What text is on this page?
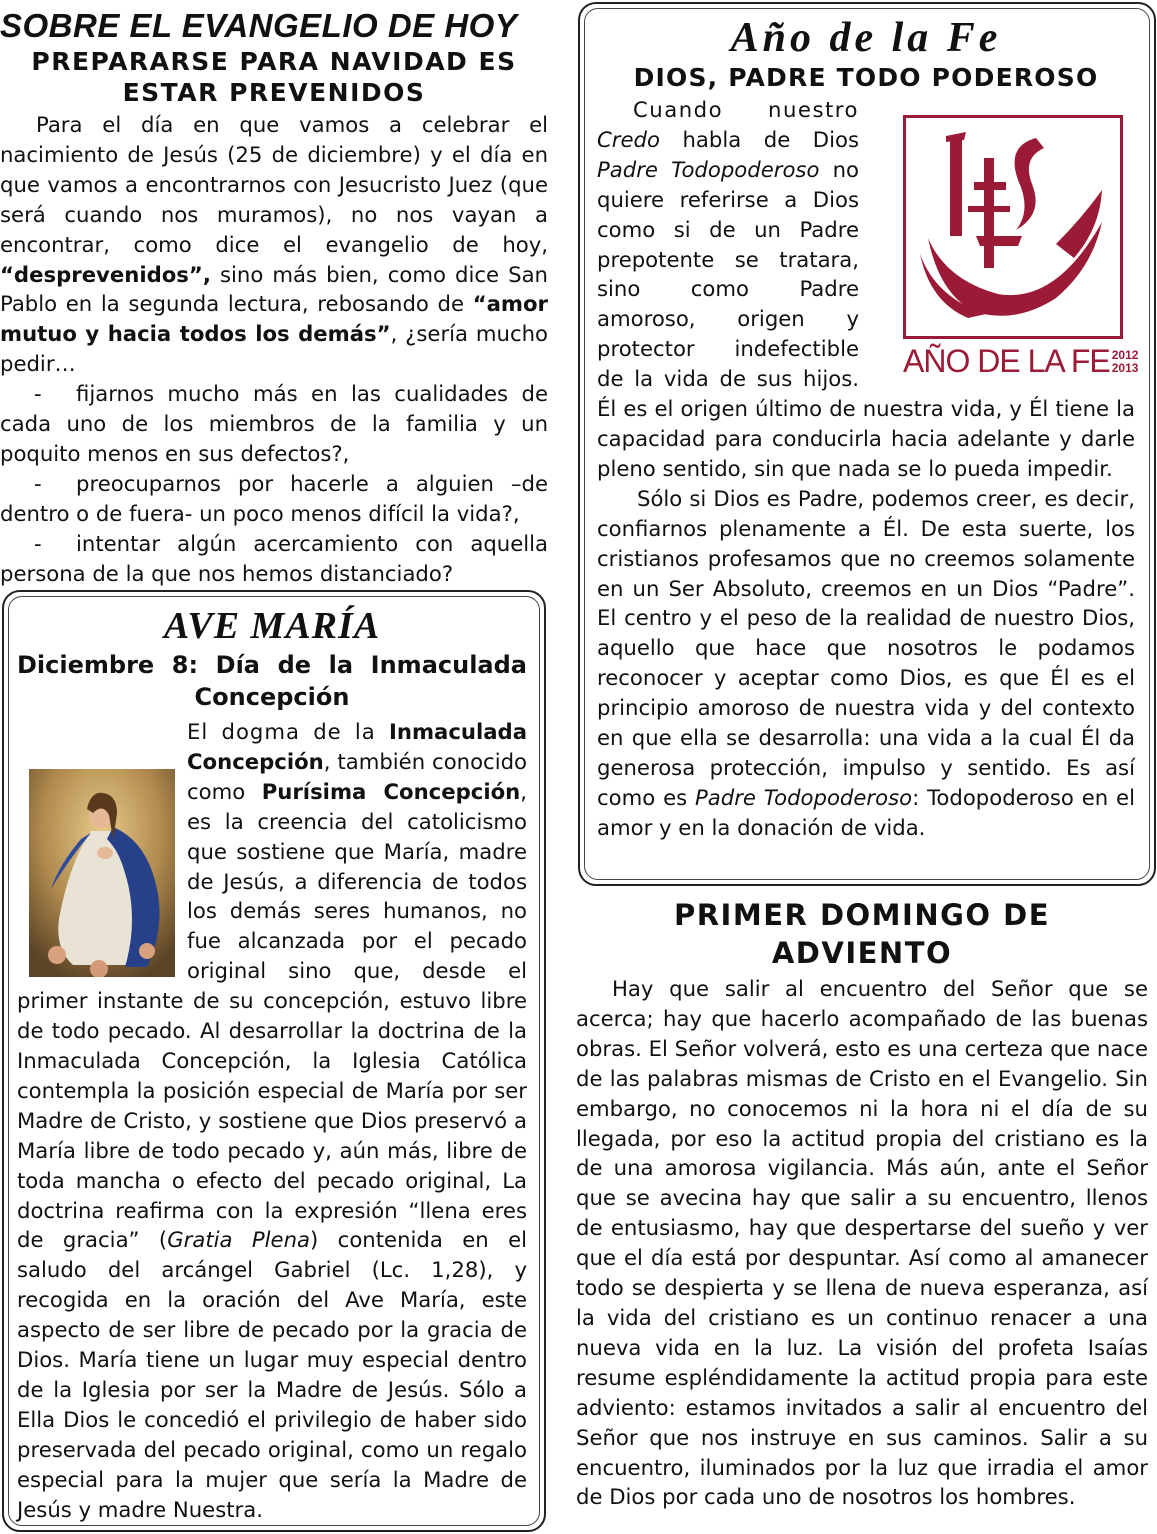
SOBRE EL EVANGELIO DE HOY
PREPARARSE PARA NAVIDAD ES
ESTAR PREVENIDOS

Para el día en que vamos a celebrar el nacimiento de Jesús (25 de diciembre) y el día en que vamos a encontrarnos con Jesucristo Juez (que será cuando nos muramos), no nos vayan a encontrar, como dice el evangelio de hoy, “desprevenidos”, sino más bien, como dice San Pablo en la segunda lectura, rebosando de “amor mutuo y hacia todos los demás”, ¿sería mucho pedir…

- fijarnos mucho más en las cualidades de cada uno de los miembros de la familia y un poquito menos en sus defectos?,

- preocuparnos por hacerle a alguien –de dentro o de fuera- un poco menos difícil la vida?,

- intentar algún acercamiento con aquella persona de la que nos hemos distanciado?

AVE MARÍA
Diciembre 8: Día de la Inmaculada
Concepción

El dogma de la Inmaculada Concepción, también conocido como Purísima Concepción, es la creencia del catolicismo que sostiene que María, madre de Jesús, a diferencia de todos los demás seres humanos, no fue alcanzada por el pecado original sino que, desde el primer instante de su concepción, estuvo libre de todo pecado. Al desarrollar la doctrina de la Inmaculada Concepción, la Iglesia Católica contempla la posición especial de María por ser Madre de Cristo, y sostiene que Dios preservó a María libre de todo pecado y, aún más, libre de toda mancha o efecto del pecado original, La doctrina reafirma con la expresión “llena eres de gracia” (Gratia Plena) contenida en el saludo del arcángel Gabriel (Lc. 1,28), y recogida en la oración del Ave María, este aspecto de ser libre de pecado por la gracia de Dios. María tiene un lugar muy especial dentro de la Iglesia por ser la Madre de Jesús. Sólo a Ella Dios le concedió el privilegio de haber sido preservada del pecado original, como un regalo especial para la mujer que sería la Madre de Jesús y madre Nuestra.

Año de la Fe
DIOS, PADRE TODO PODEROSO
AÑO DE LA FE 2012
2013

Cuando nuestro Credo habla de Dios Padre Todopoderoso no quiere referirse a Dios como si de un Padre prepotente se tratara, sino como Padre amoroso, origen y protector indefectible de la vida de sus hijos. Él es el origen último de nuestra vida, y Él tiene la capacidad para conducirla hacia adelante y darle pleno sentido, sin que nada se lo pueda impedir.

Sólo si Dios es Padre, podemos creer, es decir, confiarnos plenamente a Él. De esta suerte, los cristianos profesamos que no creemos solamente en un Ser Absoluto, creemos en un Dios “Padre”. El centro y el peso de la realidad de nuestro Dios, aquello que hace que nosotros le podamos reconocer y aceptar como Dios, es que Él es el principio amoroso de nuestra vida y del contexto en que ella se desarrolla: una vida a la cual Él da generosa protección, impulso y sentido. Es así como es Padre Todopoderoso: Todopoderoso en el amor y en la donación de vida.

PRIMER DOMINGO DE
ADVIENTO

Hay que salir al encuentro del Señor que se acerca; hay que hacerlo acompañado de las buenas obras. El Señor volverá, esto es una certeza que nace de las palabras mismas de Cristo en el Evangelio. Sin embargo, no conocemos ni la hora ni el día de su llegada, por eso la actitud propia del cristiano es la de una amorosa vigilancia. Más aún, ante el Señor que se avecina hay que salir a su encuentro, llenos de entusiasmo, hay que despertarse del sueño y ver que el día está por despuntar. Así como al amanecer todo se despierta y se llena de nueva esperanza, así la vida del cristiano es un continuo renacer a una nueva vida en la luz. La visión del profeta Isaías resume espléndidamente la actitud propia para este adviento: estamos invitados a salir al encuentro del Señor que nos instruye en sus caminos. Salir a su encuentro, iluminados por la luz que irradia el amor de Dios por cada uno de nosotros los hombres.
